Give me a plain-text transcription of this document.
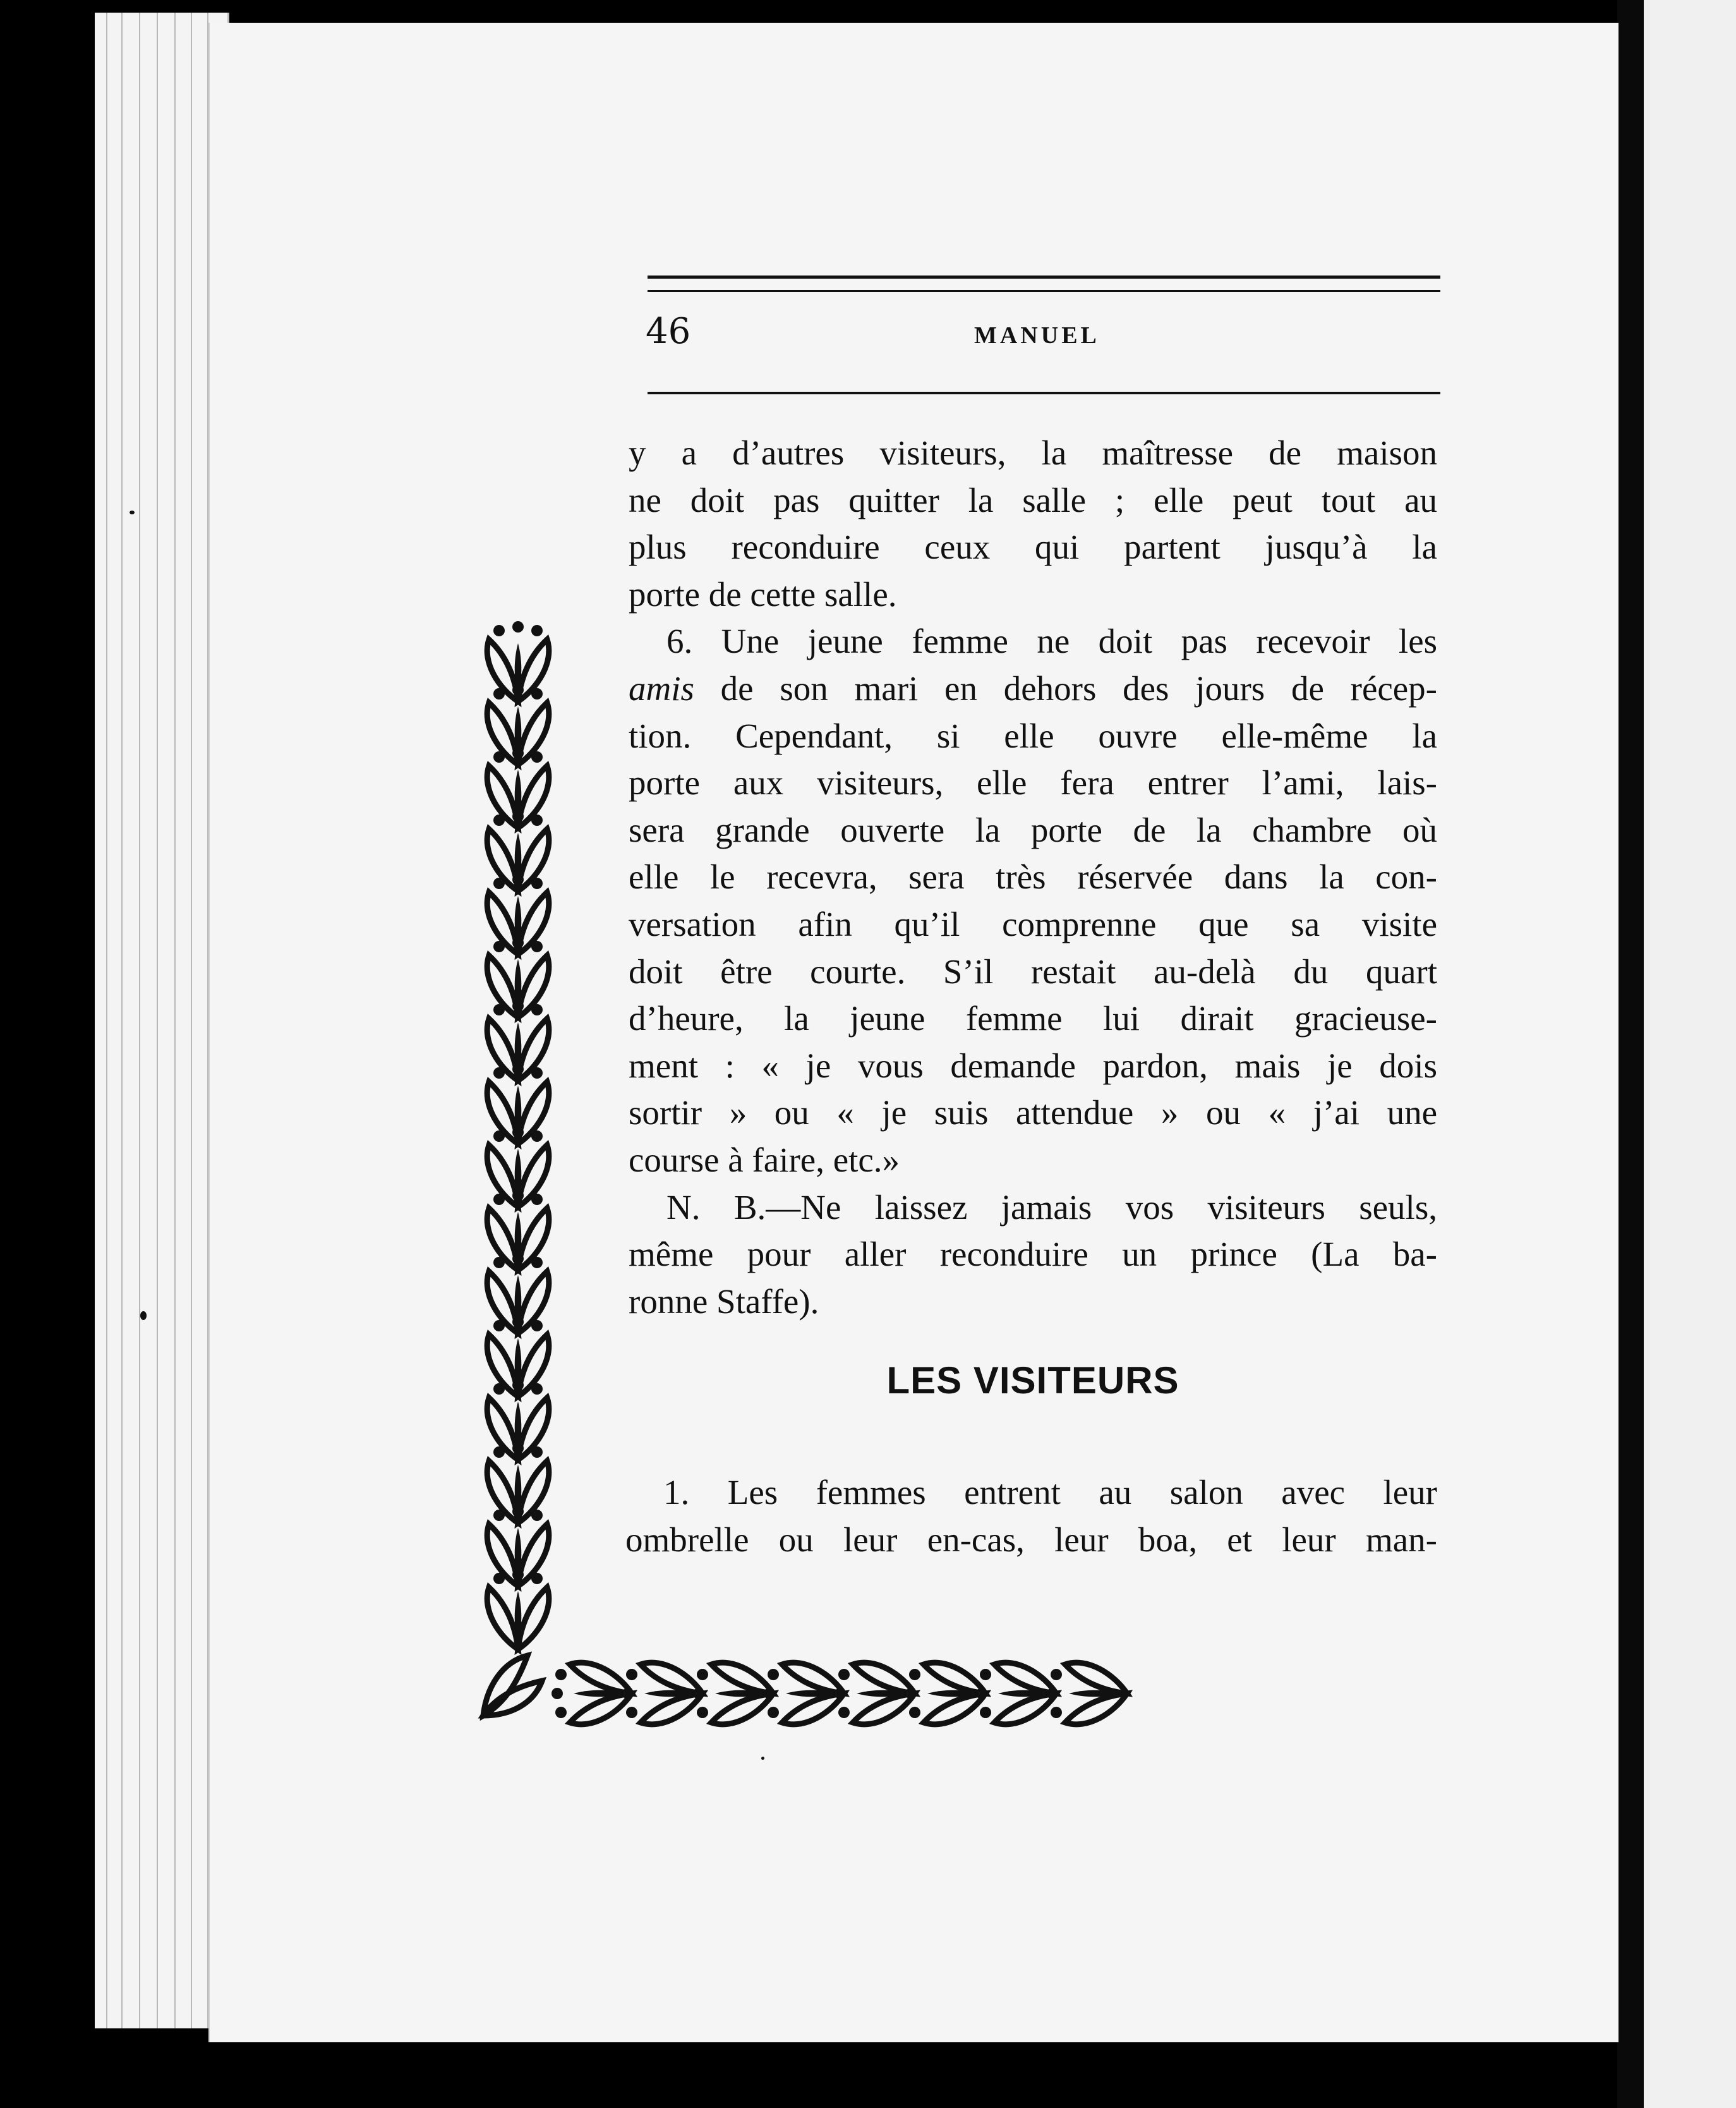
46	MANUEL

y a d’autres visiteurs, la maîtresse de maison
ne doit pas quitter la salle ; elle peut tout au
plus reconduire ceux qui partent jusqu’à la
porte de cette salle.

6. Une jeune femme ne doit pas recevoir les
amis de son mari en dehors des jours de récep-
tion. Cependant, si elle ouvre elle-même la
porte aux visiteurs, elle fera entrer l’ami, lais-
sera grande ouverte la porte de la chambre où
elle le recevra, sera très réservée dans la con-
versation afin qu’il comprenne que sa visite
doit être courte. S’il restait au-delà du quart
d’heure, la jeune femme lui dirait gracieuse-
ment : « je vous demande pardon, mais je dois
sortir » ou « je suis attendue » ou « j’ai une
course à faire, etc.»

N. B.—Ne laissez jamais vos visiteurs seuls,
même pour aller reconduire un prince (La ba-
ronne Staffe).

LES VISITEURS

1. Les femmes entrent au salon avec leur
ombrelle ou leur en-cas, leur boa, et leur man-
